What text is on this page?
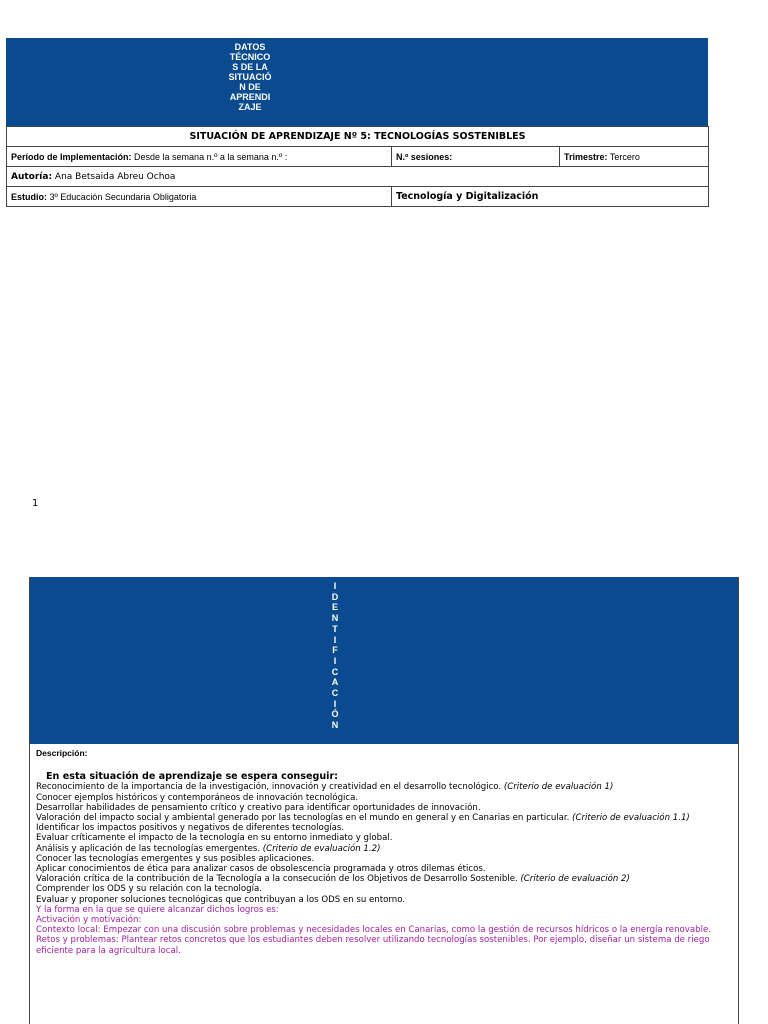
DATOS
TÉCNICO
S DE LA
SITUACIÓ
N DE
APRENDI
ZAJE
SITUACIÓN DE APRENDIZAJE Nº 5: TECNOLOGÍAS SOSTENIBLES		
Período de Implementación: Desde la semana n.º a la semana n.º :	N.º sesiones:	Trimestre: Tercero
Autoría: Ana Betsaida Abreu Ochoa		
Estudio: 3º Educación Secundaria Obligatoria	Tecnología y Digitalización	
1
I
D
E
N
T
I
F
I
C
A
C
I
Ó
N
Descripción:
En esta situación de aprendizaje se espera conseguir:

Reconocimiento de la importancia de la investigación, innovación y creatividad en el desarrollo tecnológico. (Criterio de evaluación 1)

Conocer ejemplos históricos y contemporáneos de innovación tecnológica.

Desarrollar habilidades de pensamiento crítico y creativo para identificar oportunidades de innovación.

Valoración del impacto social y ambiental generado por las tecnologías en el mundo en general y en Canarias en particular. (Criterio de evaluación 1.1)

Identificar los impactos positivos y negativos de diferentes tecnologías.

Evaluar críticamente el impacto de la tecnología en su entorno inmediato y global.

Análisis y aplicación de las tecnologías emergentes. (Criterio de evaluación 1.2)

Conocer las tecnologías emergentes y sus posibles aplicaciones.

Aplicar conocimientos de ética para analizar casos de obsolescencia programada y otros dilemas éticos.

Valoración crítica de la contribución de la Tecnología a la consecución de los Objetivos de Desarrollo Sostenible. (Criterio de evaluación 2)

Comprender los ODS y su relación con la tecnología.

Evaluar y proponer soluciones tecnológicas que contribuyan a los ODS en su entorno.

Y la forma en la que se quiere alcanzar dichos logros es:

Activación y motivación:

Contexto local: Empezar con una discusión sobre problemas y necesidades locales en Canarias, como la gestión de recursos hídricos o la energía renovable.

Retos y problemas: Plantear retos concretos que los estudiantes deben resolver utilizando tecnologías sostenibles. Por ejemplo, diseñar un sistema de riego eficiente para la agricultura local.
